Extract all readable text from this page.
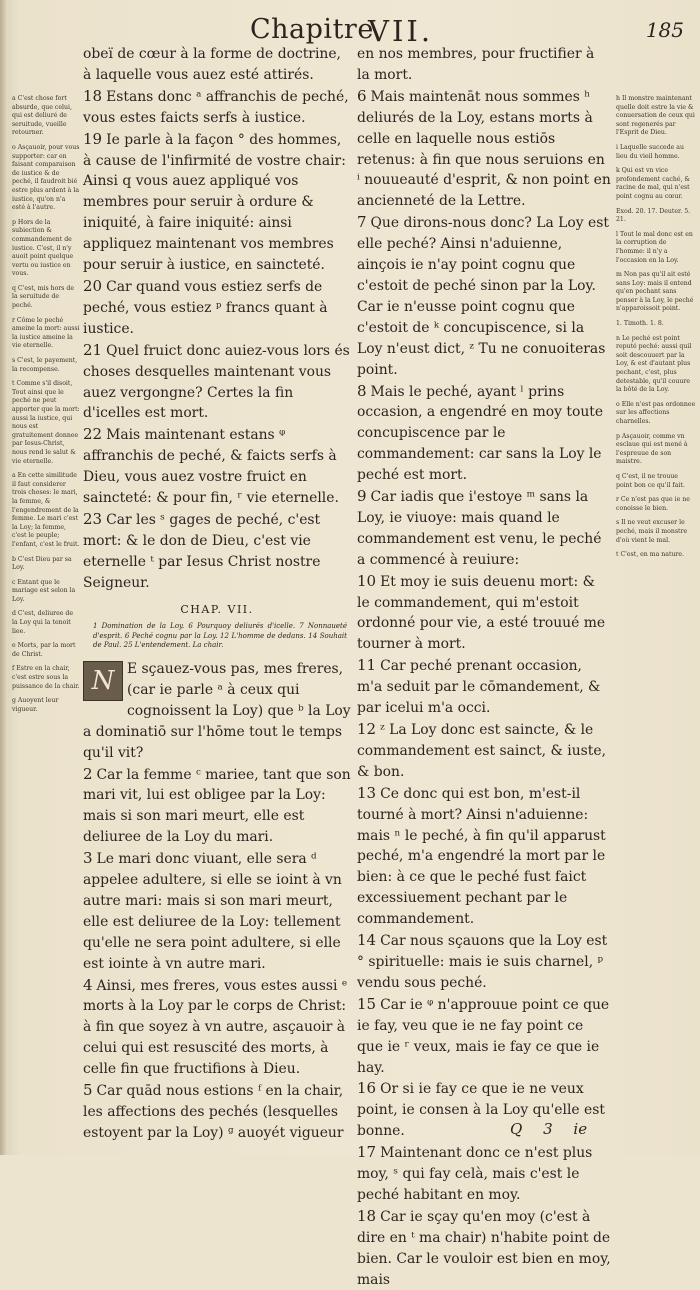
Chapitre
VII.	185

a C'est chose fort absurde, que celui, qui est deliuré de seruitude, vueille retourner.

o Asçauoir, pour vous supporter: car en faisant comparaison de iustice & de peché, il faudroit bié estre plus ardent à la iustice, qu'on n'a esté à l'autre.

p Hors de la subiection & commandement de iustice. C'est, il n'y auoit point quelque vertu ou iustice en vous.

q C'est, mis hors de la seruitude de peché.

r Côme le peché ameine la mort: aussi la iustice ameine la vie eternelle.

s C'est, le payement, la recompense.

t Comme s'il disoit, Tout ainsi que le peché ne peut apporter que la mort: aussi la iustice, qui nous est gratuitement donnee par Iesus-Christ, nous rend le salut & vie eternelle.

a En cette similitude il faut considerer trois choses: le mari, la femme, & l'engendrement de la femme. Le mari c'est la Loy; la femme, c'est le peuple; l'enfant, c'est le fruit.

b C'est Dieu par sa Loy.

c Entant que le mariage est selon la Loy.

d C'est, deliuree de la Loy qui la tenoit liee.

e Morts, par la mort de Christ.

f Estre en la chair, c'est estre sous la puissance de la chair.

g Auoyent leur vigueur.

obeï de cœur à la forme de doctrine, à laquelle vous auez esté attirés.

18 Estans donc ᵃ affranchis de peché, vous estes faicts serfs à iustice.

19 Ie parle à la façon ° des hommes, à cause de l'infirmité de vostre chair: Ainsi q vous auez appliqué vos membres pour seruir à ordure & iniquité, à faire iniquité: ainsi appliquez maintenant vos membres pour seruir à iustice, en saincteté.

20 Car quand vous estiez serfs de peché, vous estiez ᵖ francs quant à iustice.

21 Quel fruict donc auiez-vous lors és choses desquelles maintenant vous auez vergongne? Certes la fin d'icelles est mort.

22 Mais maintenant estans ᵠ affranchis de peché, & faicts serfs à Dieu, vous auez vostre fruict en saincteté: & pour fin, ʳ vie eternelle.

23 Car les ˢ gages de peché, c'est mort: & le don de Dieu, c'est vie eternelle ᵗ par Iesus Christ nostre Seigneur.

CHAP. VII.
1 Domination de la Loy. 6 Pourquoy deliurés d'icelle. 7 Nonnaueté d'esprit. 6 Peché cognu par la Loy. 12 L'homme de dedans. 14 Souhait de Paul. 25 L'entendement. La chair.

N E sçauez-vous pas, mes freres, (car ie parle ᵃ à ceux qui cognoissent la Loy) que ᵇ la Loy a dominatiō sur l'hōme tout le temps qu'il vit?

2 Car la femme ᶜ mariee, tant que son mari vit, lui est obligee par la Loy: mais si son mari meurt, elle est deliuree de la Loy du mari.

3 Le mari donc viuant, elle sera ᵈ appelee adultere, si elle se ioint à vn autre mari: mais si son mari meurt, elle est deliuree de la Loy: tellement qu'elle ne sera point adultere, si elle est iointe à vn autre mari.

4 Ainsi, mes freres, vous estes aussi ᵉ morts à la Loy par le corps de Christ: à fin que soyez à vn autre, asçauoir à celui qui est resuscité des morts, à celle fin que fructifions à Dieu.

5 Car quād nous estions ᶠ en la chair, les affections des pechés (lesquelles estoyent par la Loy) ᵍ auoyét vigueur

en nos membres, pour fructifier à la mort.

6 Mais maintenāt nous sommes ʰ deliurés de la Loy, estans morts à celle en laquelle nous estiōs retenus: à fin que nous seruions en ⁱ nouueauté d'esprit, & non point en ancienneté de la Lettre.

7 Que dirons-nous donc? La Loy est elle peché? Ainsi n'aduienne, ainçois ie n'ay point cognu que c'estoit de peché sinon par la Loy. Car ie n'eusse point cognu que c'estoit de ᵏ concupiscence, si la Loy n'eust dict, ᶻ Tu ne conuoiteras point.

8 Mais le peché, ayant ˡ prins occasion, a engendré en moy toute concupiscence par le commandement: car sans la Loy le peché est mort.

9 Car iadis que i'estoye ᵐ sans la Loy, ie viuoye: mais quand le commandement est venu, le peché a commencé à reuiure:

10 Et moy ie suis deuenu mort: & le commandement, qui m'estoit ordonné pour vie, a esté trouué me tourner à mort.

11 Car peché prenant occasion, m'a seduit par le cōmandement, & par icelui m'a occi.

12 ᶻ La Loy donc est saincte, & le commandement est sainct, & iuste, & bon.

13 Ce donc qui est bon, m'est-il tourné à mort? Ainsi n'aduienne: mais ⁿ le peché, à fin qu'il apparust peché, m'a engendré la mort par le bien: à ce que le peché fust faict excessiuement pechant par le commandement.

14 Car nous sçauons que la Loy est ° spirituelle: mais ie suis charnel, ᵖ vendu sous peché.

15 Car ie ᵠ n'approuue point ce que ie fay, veu que ie ne fay point ce que ie ʳ veux, mais ie fay ce que ie hay.

16 Or si ie fay ce que ie ne veux point, ie consen à la Loy qu'elle est bonne.

17 Maintenant donc ce n'est plus moy, ˢ qui fay celà, mais c'est le peché habitant en moy.

18 Car ie sçay qu'en moy (c'est à dire en ᵗ ma chair) n'habite point de bien. Car le vouloir est bien en moy, mais

h Il monstre maintenant quelle doit estre la vie & conuersation de ceux qui sont regenerés par l'Esprit de Dieu.

i Laquelle succede au lieu du vieil homme.

k Qui est vn vice profondement caché, & racine de mal, qui n'est point cognu au cœur.

Exod. 20. 17. Deuter. 5. 21.

l Tout le mal donc est en la corruption de l'homme: il n'y a l'occasion en la Loy.

m Non pas qu'il ait esté sans Loy: mais il entend qu'en pechant sans penser à la Loy, le peché n'apparoissoit point.

1. Timoth. 1. 8.

n Le peché est point reputé peché: aussi quil soit descouuert par la Loy, & est d'autant plus pechant, c'est, plus detestable, qu'il couure la bôté de la Loy.

o Elle n'est pas ordonnee sur les affections charnelles.

p Asçauoir, comme vn esclaue qui est mené à l'espreuue de son maistre.

q C'est, il ne trouue point bon ce qu'il fait.

r Ce n'est pas que ie ne conoisse le bien.

s Il ne veut excuser le peché, mais il monstre d'où vient le mal.

t C'est, en ma nature.

Q 3 ie
